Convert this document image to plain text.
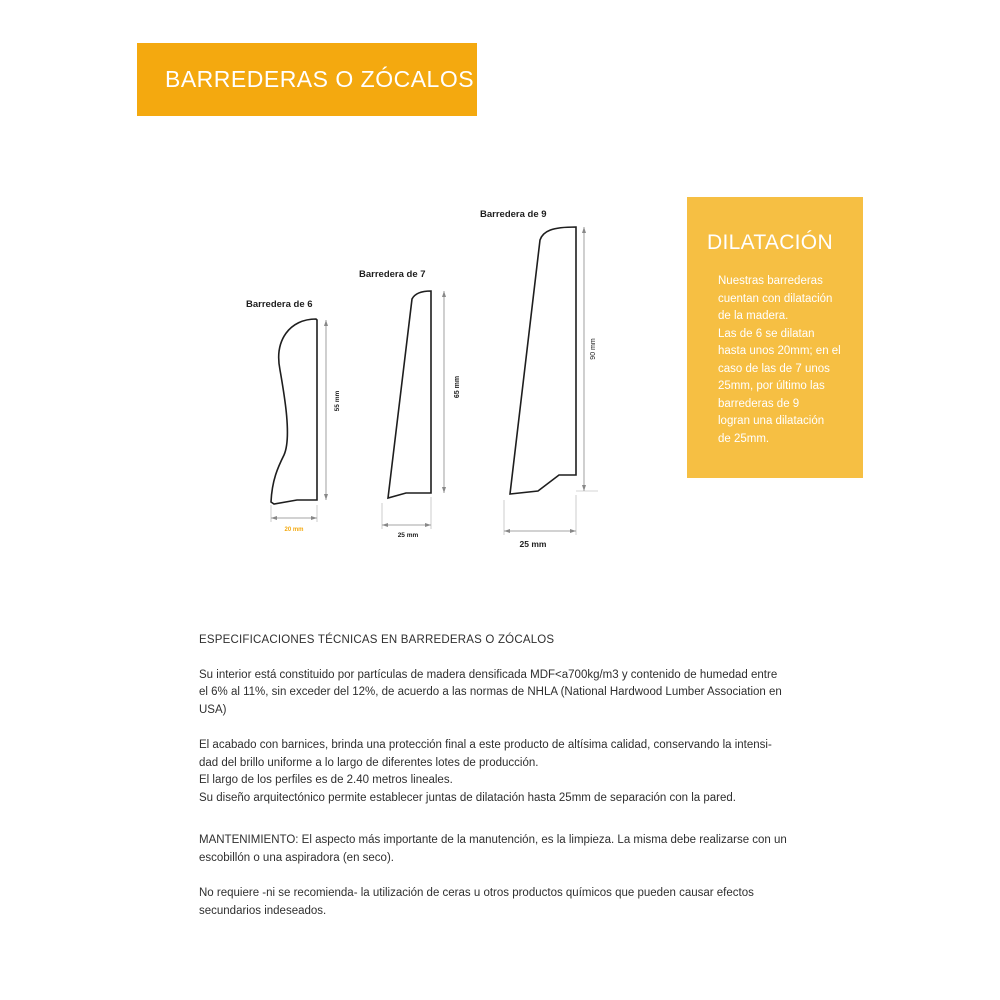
BARREDERAS O ZÓCALOS
Barredera de 6
55 mm
20 mm
Barredera de 7
65 mm
25 mm
Barredera de 9
90 mm
25 mm
DILATACIÓN

Nuestras barrederas
cuentan con dilatación
de la madera.
Las de 6 se dilatan
hasta unos 20mm; en el
caso de las de 7 unos
25mm, por último las
barrederas de 9
logran una dilatación
de 25mm.

ESPECIFICACIONES TÉCNICAS EN BARREDERAS O ZÓCALOS

Su interior está constituido por partículas de madera densificada MDF<a700kg/m3 y contenido de humedad entre

el 6% al 11%, sin exceder del 12%, de acuerdo a las normas de NHLA (National Hardwood Lumber Association en

USA)

El acabado con barnices, brinda una protección final a este producto de altísima calidad, conservando la intensi-

dad del brillo uniforme a lo largo de diferentes lotes de producción.

El largo de los perfiles es de 2.40 metros lineales.

Su diseño arquitectónico permite establecer juntas de dilatación hasta 25mm de separación con la pared.

MANTENIMIENTO: El aspecto más importante de la manutención, es la limpieza. La misma debe realizarse con un

escobillón o una aspiradora (en seco).

No requiere -ni se recomienda- la utilización de ceras u otros productos químicos que pueden causar efectos

secundarios indeseados.
